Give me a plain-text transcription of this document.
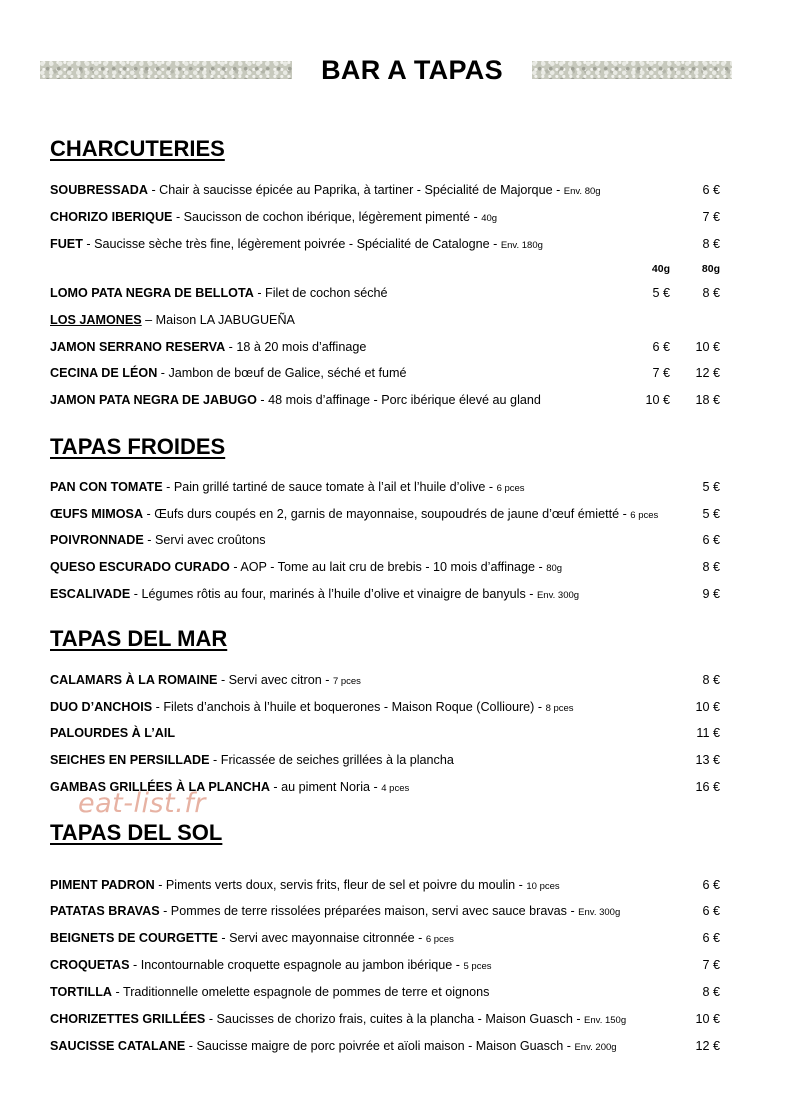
BAR A TAPAS
CHARCUTERIES
SOUBRESSADA - Chair à saucisse épicée au Paprika, à tartiner - Spécialité de Majorque - Env. 80g	6 €
CHORIZO IBERIQUE - Saucisson de cochon ibérique, légèrement pimenté - 40g	7 €
FUET - Saucisse sèche très fine, légèrement poivrée - Spécialité de Catalogne - Env. 180g	8 €
40g	80g
LOMO PATA NEGRA DE BELLOTA - Filet de cochon séché	5 €	8 €
LOS JAMONES – Maison LA JABUGUEÑA
JAMON SERRANO RESERVA - 18 à 20 mois d’affinage	6 € 10 €
CECINA DE LÉON - Jambon de bœuf de Galice, séché et fumé	7 € 12 €
JAMON PATA NEGRA DE JABUGO - 48 mois d’affinage - Porc ibérique élevé au gland	10 € 18 €
TAPAS FROIDES
PAN CON TOMATE - Pain grillé tartiné de sauce tomate à l’ail et l’huile d’olive - 6 pces	5 €
ŒUFS MIMOSA - Œufs durs coupés en 2, garnis de mayonnaise, soupoudrés de jaune d’œuf émietté - 6 pces	5 €
POIVRONNADE - Servi avec croûtons	6 €
QUESO ESCURADO CURADO - AOP - Tome au lait cru de brebis - 10 mois d’affinage - 80g	8 €
ESCALIVADE - Légumes rôtis au four, marinés à l’huile d’olive et vinaigre de banyuls - Env. 300g	9 €
TAPAS DEL MAR
CALAMARS À LA ROMAINE - Servi avec citron - 7 pces	8 €
DUO D’ANCHOIS - Filets d’anchois à l’huile et boquerones - Maison Roque (Collioure) - 8 pces	10 €
PALOURDES À L’AIL	11 €
SEICHES EN PERSILLADE - Fricassée de seiches grillées à la plancha	13 €
GAMBAS GRILLÉES À LA PLANCHA - au piment Noria - 4 pces	16 €
eat-list.fr
TAPAS DEL SOL
PIMENT PADRON - Piments verts doux, servis frits, fleur de sel et poivre du moulin - 10 pces	6 €
PATATAS BRAVAS - Pommes de terre rissolées préparées maison, servi avec sauce bravas - Env. 300g	6 €
BEIGNETS DE COURGETTE - Servi avec mayonnaise citronnée - 6 pces	6 €
CROQUETAS - Incontournable croquette espagnole au jambon ibérique - 5 pces	7 €
TORTILLA - Traditionnelle omelette espagnole de pommes de terre et oignons	8 €
CHORIZETTES GRILLÉES - Saucisses de chorizo frais, cuites à la plancha - Maison Guasch - Env. 150g	10 €
SAUCISSE CATALANE - Saucisse maigre de porc poivrée et aïoli maison - Maison Guasch - Env. 200g	12 €
